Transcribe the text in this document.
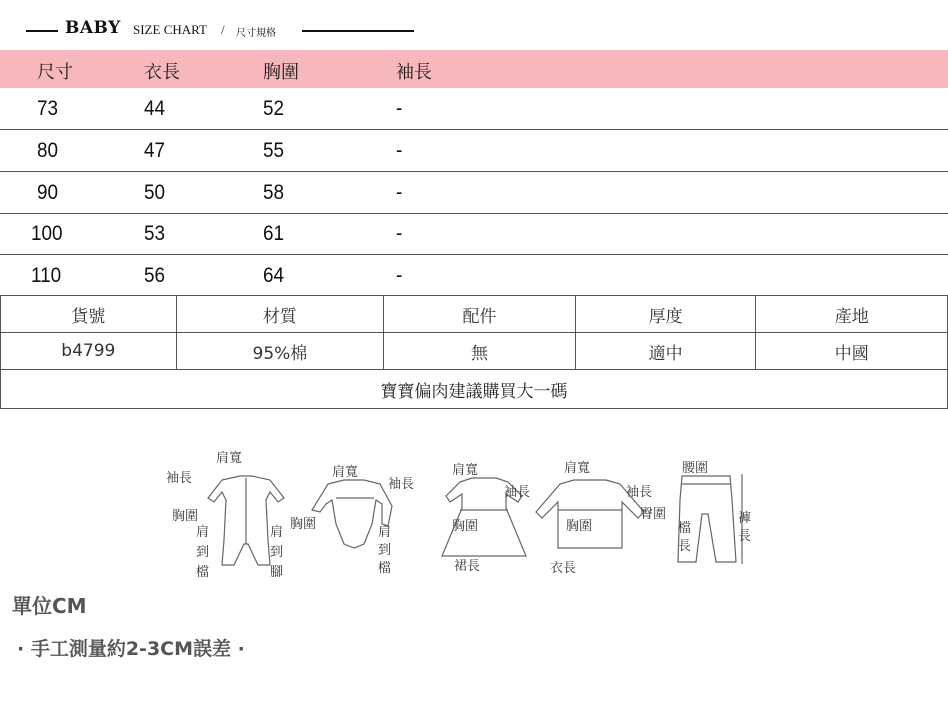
BABY SIZE CHART / 尺寸規格
尺寸	衣長	胸圍	袖長
73	44	52	-
80	47	55	-
90	50	58	-
100	53	61	-
110	56	64	-
貨號	材質	配件	厚度	產地
b4799	95%棉	無	適中	中國
寶寶偏肉建議購買大一碼
肩寬
袖長
胸圍
肩
到
檔
肩
到
腳
肩寬
袖長
胸圍
肩
到
檔
肩寬
袖長
胸圍
裙長
肩寬
袖長
胸圍
衣長
腰圍
臀圍
檔
長
褲
長
單位CM
· 手工測量約2-3CM誤差 ·
